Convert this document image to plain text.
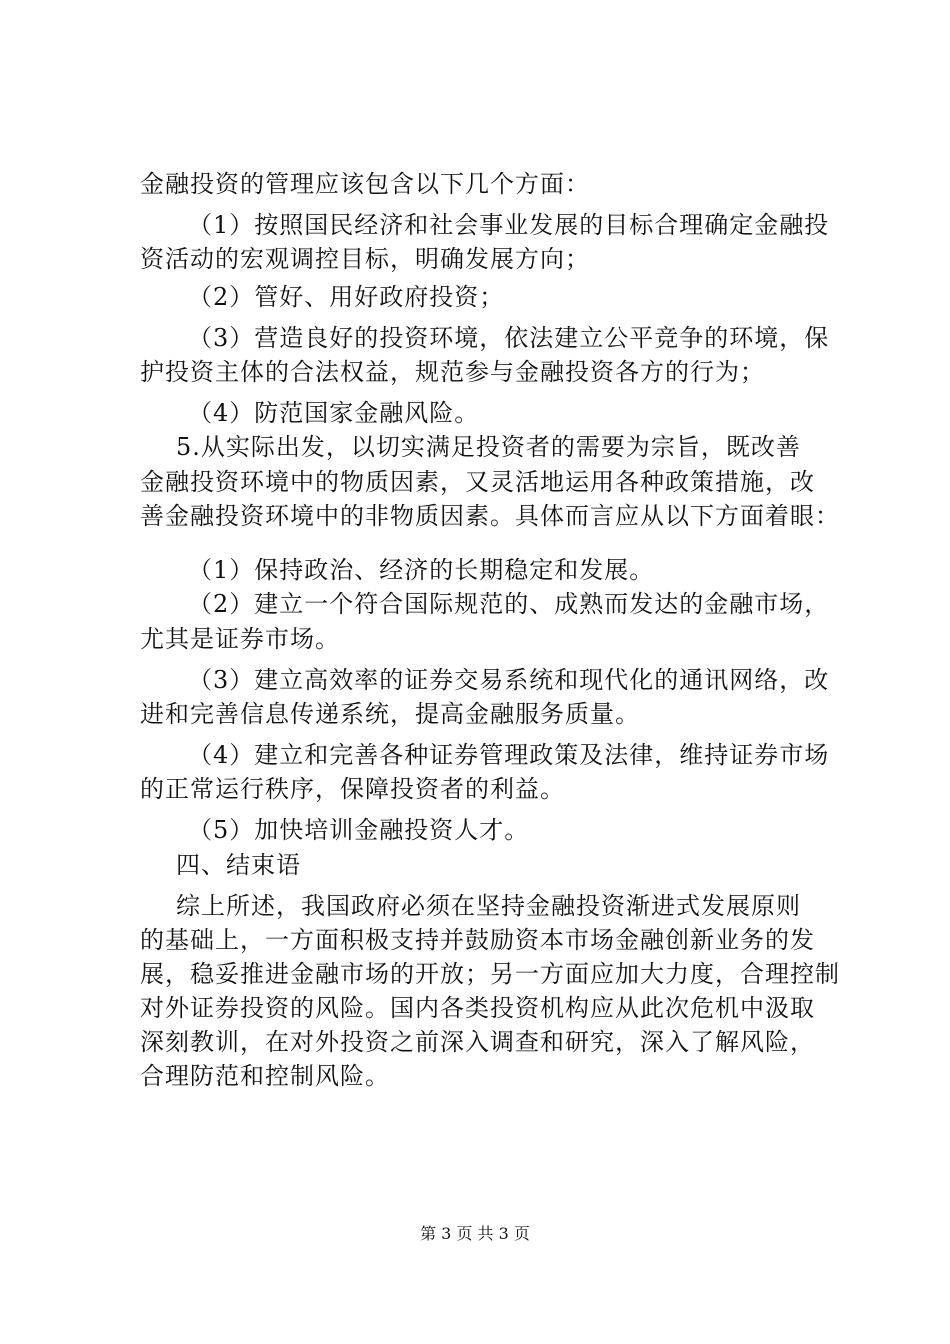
金融投资的管理应该包含以下几个方面：
（1）按照国民经济和社会事业发展的目标合理确定金融投
资活动的宏观调控目标，明确发展方向；
（2）管好、用好政府投资；
（3）营造良好的投资环境，依法建立公平竞争的环境，保
护投资主体的合法权益，规范参与金融投资各方的行为；
（4）防范国家金融风险。
5.从实际出发，以切实满足投资者的需要为宗旨，既改善
金融投资环境中的物质因素，又灵活地运用各种政策措施，改
善金融投资环境中的非物质因素。具体而言应从以下方面着眼：
（1）保持政治、经济的长期稳定和发展。
（2）建立一个符合国际规范的、成熟而发达的金融市场，
尤其是证券市场。
（3）建立高效率的证券交易系统和现代化的通讯网络，改
进和完善信息传递系统，提高金融服务质量。
（4）建立和完善各种证券管理政策及法律，维持证券市场
的正常运行秩序，保障投资者的利益。
（5）加快培训金融投资人才。
四、结束语
综上所述，我国政府必须在坚持金融投资渐进式发展原则
的基础上，一方面积极支持并鼓励资本市场金融创新业务的发
展，稳妥推进金融市场的开放；另一方面应加大力度，合理控制
对外证券投资的风险。国内各类投资机构应从此次危机中汲取
深刻教训，在对外投资之前深入调查和研究，深入了解风险，
合理防范和控制风险。
第 3 页 共 3 页
